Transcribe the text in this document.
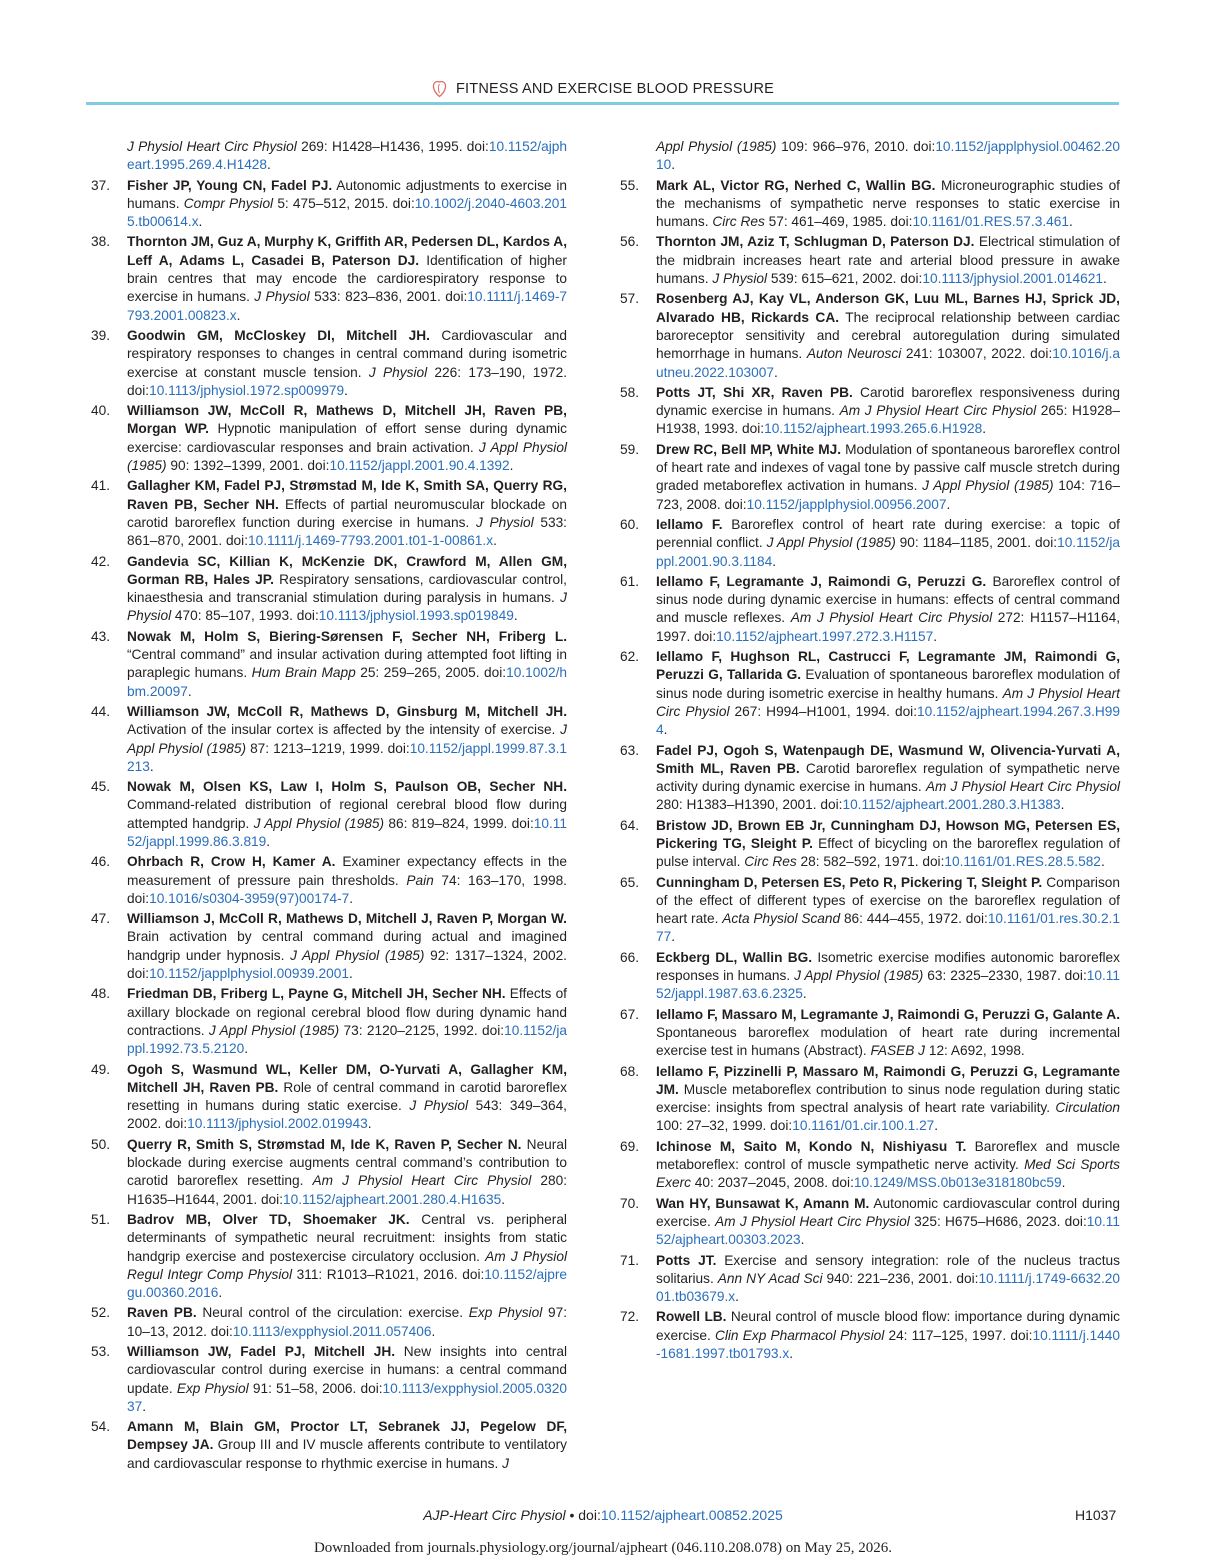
FITNESS AND EXERCISE BLOOD PRESSURE
J Physiol Heart Circ Physiol 269: H1428–H1436, 1995. doi:10.1152/ajpheart.1995.269.4.H1428.
37. Fisher JP, Young CN, Fadel PJ. Autonomic adjustments to exercise in humans. Compr Physiol 5: 475–512, 2015. doi:10.1002/j.2040-4603.2015.tb00614.x.
38. Thornton JM, Guz A, Murphy K, Griffith AR, Pedersen DL, Kardos A, Leff A, Adams L, Casadei B, Paterson DJ. Identification of higher brain centres that may encode the cardiorespiratory response to exercise in humans. J Physiol 533: 823–836, 2001. doi:10.1111/j.1469-7793.2001.00823.x.
39. Goodwin GM, McCloskey DI, Mitchell JH. Cardiovascular and respiratory responses to changes in central command during isometric exercise at constant muscle tension. J Physiol 226: 173–190, 1972. doi:10.1113/jphysiol.1972.sp009979.
40. Williamson JW, McColl R, Mathews D, Mitchell JH, Raven PB, Morgan WP. Hypnotic manipulation of effort sense during dynamic exercise: cardiovascular responses and brain activation. J Appl Physiol (1985) 90: 1392–1399, 2001. doi:10.1152/jappl.2001.90.4.1392.
41. Gallagher KM, Fadel PJ, Strømstad M, Ide K, Smith SA, Querry RG, Raven PB, Secher NH. Effects of partial neuromuscular blockade on carotid baroreflex function during exercise in humans. J Physiol 533: 861–870, 2001. doi:10.1111/j.1469-7793.2001.t01-1-00861.x.
42. Gandevia SC, Killian K, McKenzie DK, Crawford M, Allen GM, Gorman RB, Hales JP. Respiratory sensations, cardiovascular control, kinaesthesia and transcranial stimulation during paralysis in humans. J Physiol 470: 85–107, 1993. doi:10.1113/jphysiol.1993.sp019849.
43. Nowak M, Holm S, Biering-Sørensen F, Secher NH, Friberg L. “Central command” and insular activation during attempted foot lifting in paraplegic humans. Hum Brain Mapp 25: 259–265, 2005. doi:10.1002/hbm.20097.
44. Williamson JW, McColl R, Mathews D, Ginsburg M, Mitchell JH. Activation of the insular cortex is affected by the intensity of exercise. J Appl Physiol (1985) 87: 1213–1219, 1999. doi:10.1152/jappl.1999.87.3.1213.
45. Nowak M, Olsen KS, Law I, Holm S, Paulson OB, Secher NH. Command-related distribution of regional cerebral blood flow during attempted handgrip. J Appl Physiol (1985) 86: 819–824, 1999. doi:10.1152/jappl.1999.86.3.819.
46. Ohrbach R, Crow H, Kamer A. Examiner expectancy effects in the measurement of pressure pain thresholds. Pain 74: 163–170, 1998. doi:10.1016/s0304-3959(97)00174-7.
47. Williamson J, McColl R, Mathews D, Mitchell J, Raven P, Morgan W. Brain activation by central command during actual and imagined handgrip under hypnosis. J Appl Physiol (1985) 92: 1317–1324, 2002. doi:10.1152/japplphysiol.00939.2001.
48. Friedman DB, Friberg L, Payne G, Mitchell JH, Secher NH. Effects of axillary blockade on regional cerebral blood flow during dynamic hand contractions. J Appl Physiol (1985) 73: 2120–2125, 1992. doi:10.1152/jappl.1992.73.5.2120.
49. Ogoh S, Wasmund WL, Keller DM, O-Yurvati A, Gallagher KM, Mitchell JH, Raven PB. Role of central command in carotid baroreflex resetting in humans during static exercise. J Physiol 543: 349–364, 2002. doi:10.1113/jphysiol.2002.019943.
50. Querry R, Smith S, Strømstad M, Ide K, Raven P, Secher N. Neural blockade during exercise augments central command’s contribution to carotid baroreflex resetting. Am J Physiol Heart Circ Physiol 280: H1635–H1644, 2001. doi:10.1152/ajpheart.2001.280.4.H1635.
51. Badrov MB, Olver TD, Shoemaker JK. Central vs. peripheral determinants of sympathetic neural recruitment: insights from static handgrip exercise and postexercise circulatory occlusion. Am J Physiol Regul Integr Comp Physiol 311: R1013–R1021, 2016. doi:10.1152/ajpregu.00360.2016.
52. Raven PB. Neural control of the circulation: exercise. Exp Physiol 97: 10–13, 2012. doi:10.1113/expphysiol.2011.057406.
53. Williamson JW, Fadel PJ, Mitchell JH. New insights into central cardiovascular control during exercise in humans: a central command update. Exp Physiol 91: 51–58, 2006. doi:10.1113/expphysiol.2005.032037.
54. Amann M, Blain GM, Proctor LT, Sebranek JJ, Pegelow DF, Dempsey JA. Group III and IV muscle afferents contribute to ventilatory and cardiovascular response to rhythmic exercise in humans. J
Appl Physiol (1985) 109: 966–976, 2010. doi:10.1152/japplphysiol.00462.2010.
55. Mark AL, Victor RG, Nerhed C, Wallin BG. Microneurographic studies of the mechanisms of sympathetic nerve responses to static exercise in humans. Circ Res 57: 461–469, 1985. doi:10.1161/01.RES.57.3.461.
56. Thornton JM, Aziz T, Schlugman D, Paterson DJ. Electrical stimulation of the midbrain increases heart rate and arterial blood pressure in awake humans. J Physiol 539: 615–621, 2002. doi:10.1113/jphysiol.2001.014621.
57. Rosenberg AJ, Kay VL, Anderson GK, Luu ML, Barnes HJ, Sprick JD, Alvarado HB, Rickards CA. The reciprocal relationship between cardiac baroreceptor sensitivity and cerebral autoregulation during simulated hemorrhage in humans. Auton Neurosci 241: 103007, 2022. doi:10.1016/j.autneu.2022.103007.
58. Potts JT, Shi XR, Raven PB. Carotid baroreflex responsiveness during dynamic exercise in humans. Am J Physiol Heart Circ Physiol 265: H1928–H1938, 1993. doi:10.1152/ajpheart.1993.265.6.H1928.
59. Drew RC, Bell MP, White MJ. Modulation of spontaneous baroreflex control of heart rate and indexes of vagal tone by passive calf muscle stretch during graded metaboreflex activation in humans. J Appl Physiol (1985) 104: 716–723, 2008. doi:10.1152/japplphysiol.00956.2007.
60. Iellamo F. Baroreflex control of heart rate during exercise: a topic of perennial conflict. J Appl Physiol (1985) 90: 1184–1185, 2001. doi:10.1152/jappl.2001.90.3.1184.
61. Iellamo F, Legramante J, Raimondi G, Peruzzi G. Baroreflex control of sinus node during dynamic exercise in humans: effects of central command and muscle reflexes. Am J Physiol Heart Circ Physiol 272: H1157–H1164, 1997. doi:10.1152/ajpheart.1997.272.3.H1157.
62. Iellamo F, Hughson RL, Castrucci F, Legramante JM, Raimondi G, Peruzzi G, Tallarida G. Evaluation of spontaneous baroreflex modulation of sinus node during isometric exercise in healthy humans. Am J Physiol Heart Circ Physiol 267: H994–H1001, 1994. doi:10.1152/ajpheart.1994.267.3.H994.
63. Fadel PJ, Ogoh S, Watenpaugh DE, Wasmund W, Olivencia-Yurvati A, Smith ML, Raven PB. Carotid baroreflex regulation of sympathetic nerve activity during dynamic exercise in humans. Am J Physiol Heart Circ Physiol 280: H1383–H1390, 2001. doi:10.1152/ajpheart.2001.280.3.H1383.
64. Bristow JD, Brown EB Jr, Cunningham DJ, Howson MG, Petersen ES, Pickering TG, Sleight P. Effect of bicycling on the baroreflex regulation of pulse interval. Circ Res 28: 582–592, 1971. doi:10.1161/01.RES.28.5.582.
65. Cunningham D, Petersen ES, Peto R, Pickering T, Sleight P. Comparison of the effect of different types of exercise on the baroreflex regulation of heart rate. Acta Physiol Scand 86: 444–455, 1972. doi:10.1161/01.res.30.2.177.
66. Eckberg DL, Wallin BG. Isometric exercise modifies autonomic baroreflex responses in humans. J Appl Physiol (1985) 63: 2325–2330, 1987. doi:10.1152/jappl.1987.63.6.2325.
67. Iellamo F, Massaro M, Legramante J, Raimondi G, Peruzzi G, Galante A. Spontaneous baroreflex modulation of heart rate during incremental exercise test in humans (Abstract). FASEB J 12: A692, 1998.
68. Iellamo F, Pizzinelli P, Massaro M, Raimondi G, Peruzzi G, Legramante JM. Muscle metaboreflex contribution to sinus node regulation during static exercise: insights from spectral analysis of heart rate variability. Circulation 100: 27–32, 1999. doi:10.1161/01.cir.100.1.27.
69. Ichinose M, Saito M, Kondo N, Nishiyasu T. Baroreflex and muscle metaboreflex: control of muscle sympathetic nerve activity. Med Sci Sports Exerc 40: 2037–2045, 2008. doi:10.1249/MSS.0b013e318180bc59.
70. Wan HY, Bunsawat K, Amann M. Autonomic cardiovascular control during exercise. Am J Physiol Heart Circ Physiol 325: H675–H686, 2023. doi:10.1152/ajpheart.00303.2023.
71. Potts JT. Exercise and sensory integration: role of the nucleus tractus solitarius. Ann NY Acad Sci 940: 221–236, 2001. doi:10.1111/j.1749-6632.2001.tb03679.x.
72. Rowell LB. Neural control of muscle blood flow: importance during dynamic exercise. Clin Exp Pharmacol Physiol 24: 117–125, 1997. doi:10.1111/j.1440-1681.1997.tb01793.x.
AJP-Heart Circ Physiol • doi:10.1152/ajpheart.00852.2025	H1037
Downloaded from journals.physiology.org/journal/ajpheart (046.110.208.078) on May 25, 2026.
